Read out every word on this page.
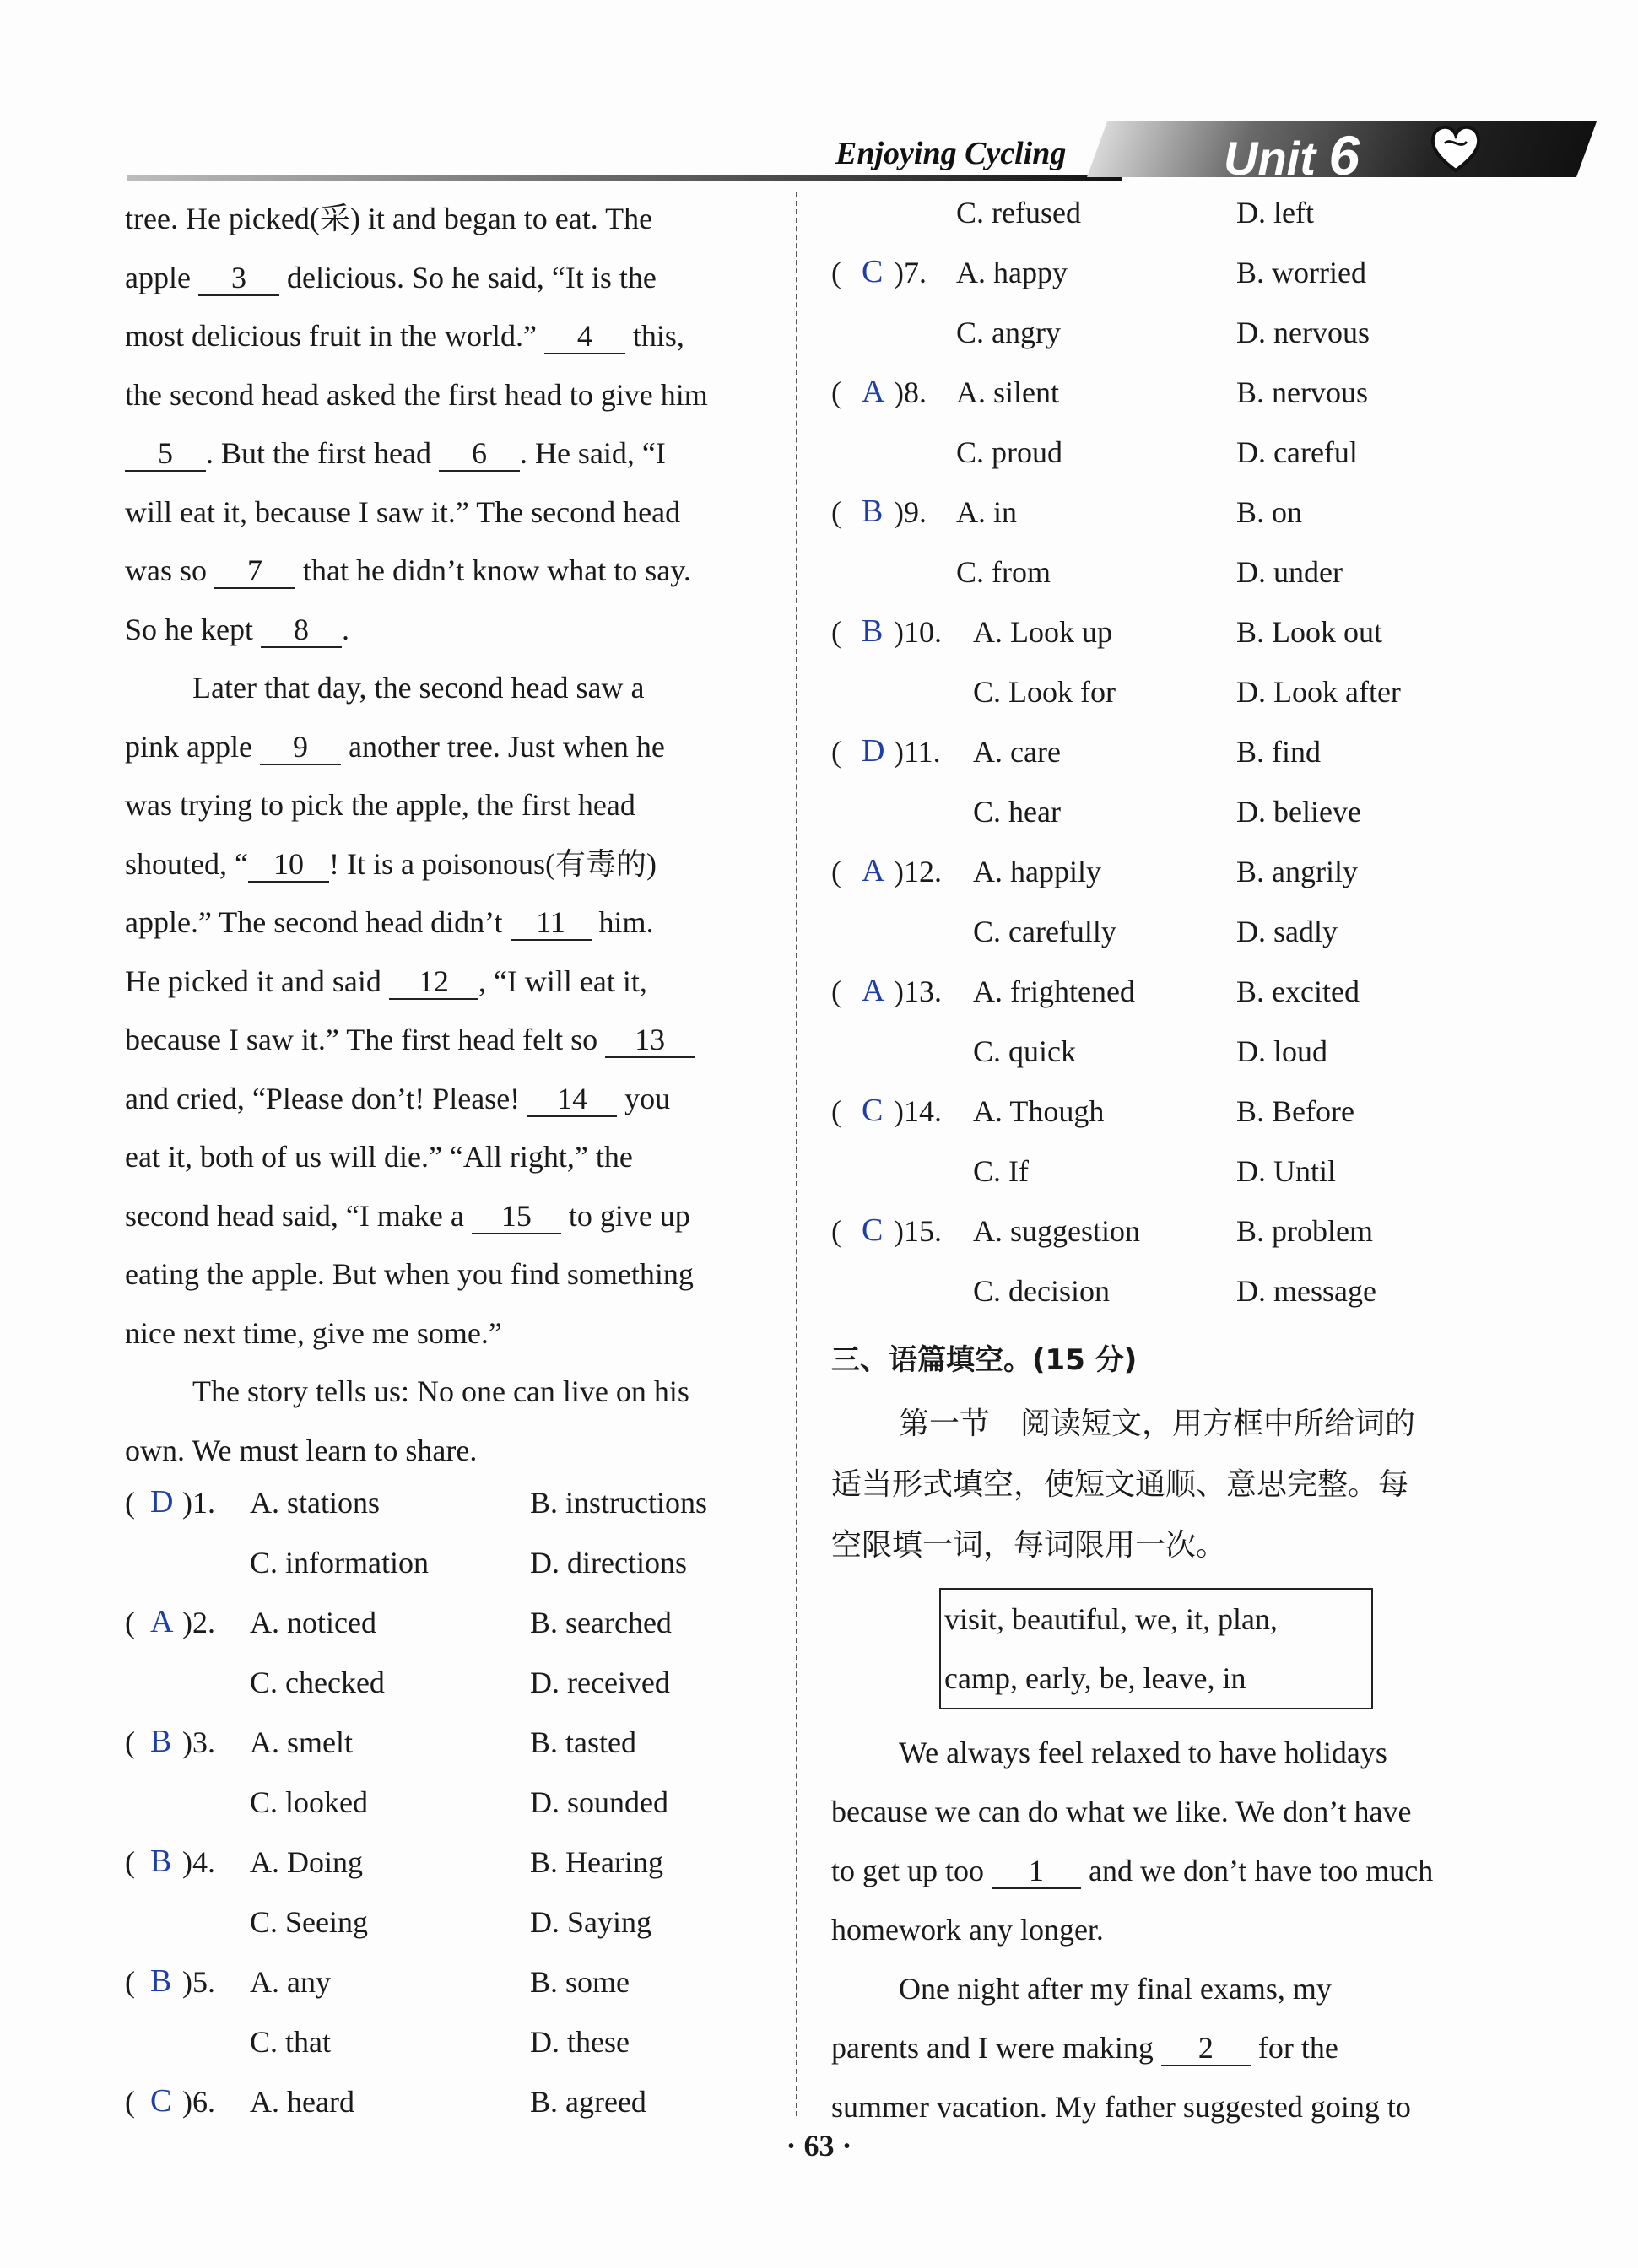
Enjoying Cycling	Unit 6

tree. He picked(采) it and began to eat. The
apple 3 delicious. So he said, “It is the
most delicious fruit in the world.” 4 this,
the second head asked the first head to give him
5 . But the first head 6 . He said, “I
will eat it, because I saw it.” The second head
was so 7 that he didn’t know what to say.
So he kept 8 .

Later that day, the second head saw a
pink apple 9 another tree. Just when he
was trying to pick the apple, the first head
shouted, “ 10 ! It is a poisonous(有毒的)
apple.” The second head didn’t 11 him.
He picked it and said 12 , “I will eat it,
because I saw it.” The first head felt so 13
and cried, “Please don’t! Please! 14 you
eat it, both of us will die.” “All right,” the
second head said, “I make a 15 to give up
eating the apple. But when you find something
nice next time, give me some.”

The story tells us: No one can live on his
own. We must learn to share.

( D )1. A. stations	B. instructions
C. information	D. directions
( A )2. A. noticed	B. searched
C. checked	D. received
( B )3. A. smelt	B. tasted
C. looked	D. sounded
( B )4. A. Doing	B. Hearing
C. Seeing	D. Saying
( B )5. A. any	B. some
C. that	D. these
( C )6. A. heard	B. agreed
C. refused	D. left
( C )7. A. happy	B. worried
C. angry	D. nervous
( A )8. A. silent	B. nervous
C. proud	D. careful
( B )9. A. in	B. on
C. from	D. under
( B )10. A. Look up	B. Look out
C. Look for	D. Look after
( D )11. A. care	B. find
C. hear	D. believe
( A )12. A. happily	B. angrily
C. carefully	D. sadly
( A )13. A. frightened	B. excited
C. quick	D. loud
( C )14. A. Though	B. Before
C. If	D. Until
( C )15. A. suggestion	B. problem
C. decision	D. message
三、语篇填空。(15 分)

第一节　阅读短文，用方框中所给词的
适当形式填空，使短文通顺、意思完整。每
空限填一词，每词限用一次。

visit, beautiful, we, it, plan,
camp, early, be, leave, in

We always feel relaxed to have holidays
because we can do what we like. We don’t have
to get up too 1 and we don’t have too much
homework any longer.

One night after my final exams, my
parents and I were making 2 for the
summer vacation. My father suggested going to

· 63 ·
